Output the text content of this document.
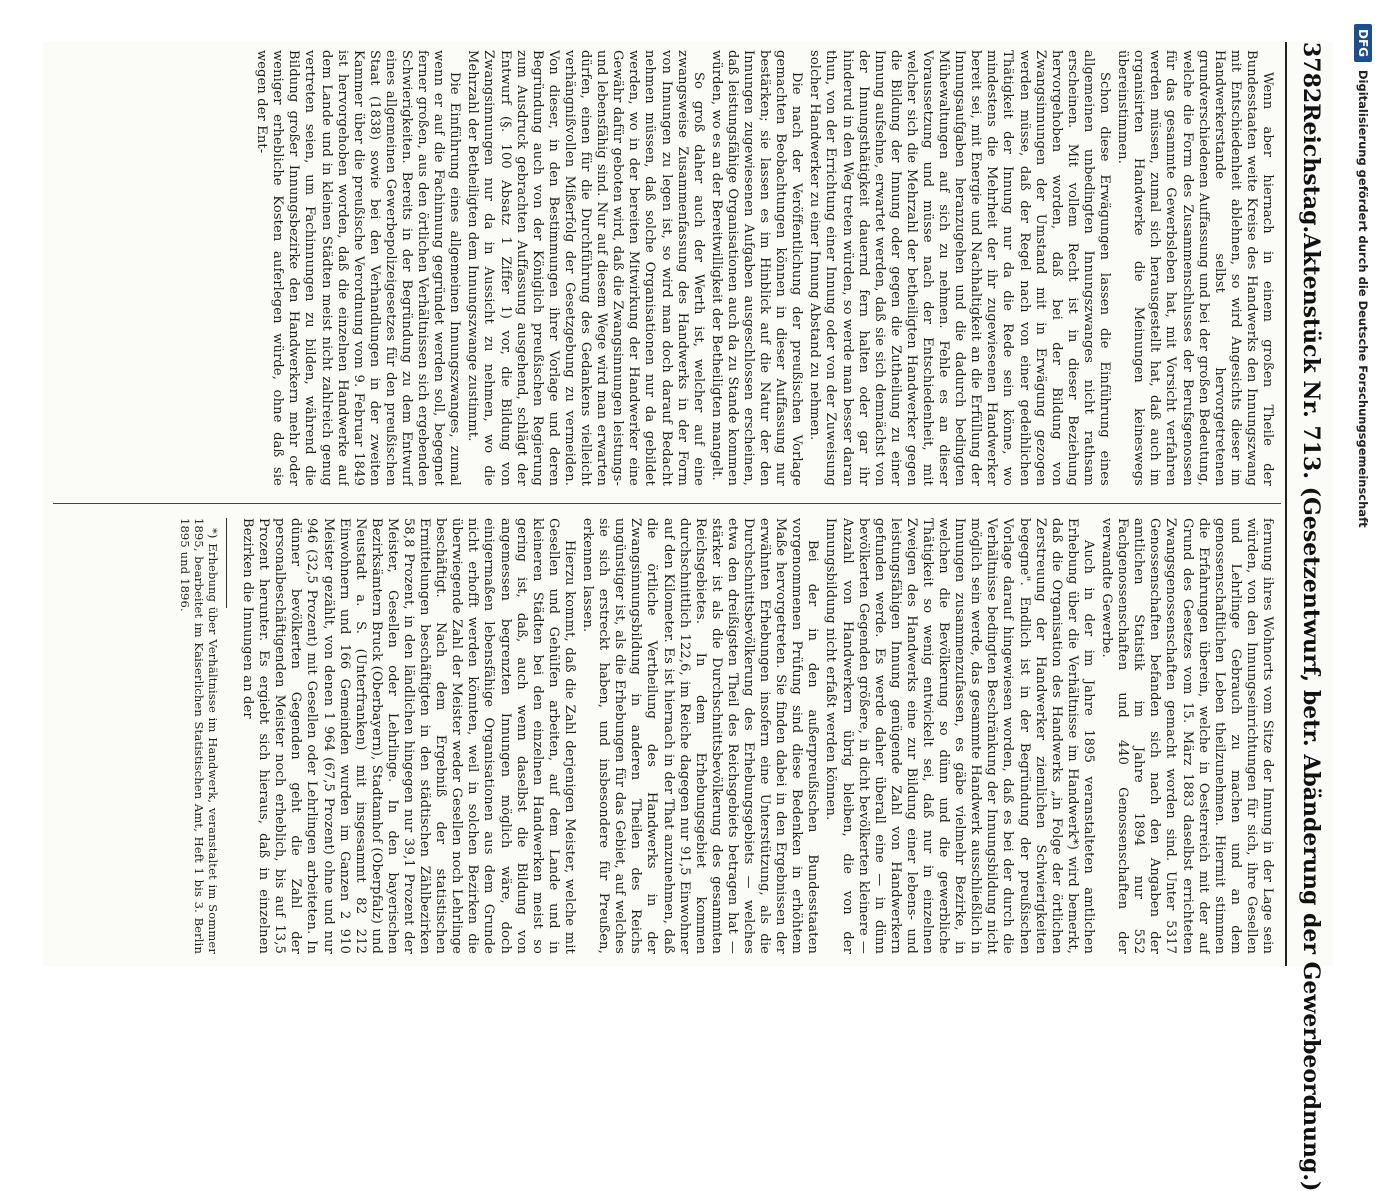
3782
Reichstag.
Aktenstück Nr. 713. (Gesetzentwurf, betr. Abänderung der Gewerbeordnung.)

Wenn aber hiernach in einem großen Theile der Bundesstaaten weite Kreise des Handwerks den Innungszwang mit Entschiedenheit ablehnen, so wird Angesichts dieser im Handwerkerstande selbst hervorgetretenen grundverschiedenen Auffassung und bei der großen Bedeutung, welche die Form des Zusammenschlusses der Berufsgenossen für das gesammte Gewerbsleben hat, mit Vorsicht verfahren werden müssen, zumal sich herausgestellt hat, daß auch im organisirten Handwerke die Meinungen keineswegs übereinstimmen.

Schon diese Erwägungen lassen die Einführung eines allgemeinen unbedingten Innungszwanges nicht rathsam erscheinen. Mit vollem Recht ist in dieser Beziehung hervorgehoben worden, daß bei der Bildung von Zwangsinnungen der Umstand mit in Erwägung gezogen werden müsse, daß der Regel nach von einer gedeihlichen Thätigkeit der Innung nur da die Rede sein könne, wo mindestens die Mehrheit der ihr zugewiesenen Handwerker bereit sei, mit Energie und Nachhaltigkeit an die Erfüllung der Innungsaufgaben heranzugehen und die dadurch bedingten Mühewaltungen auf sich zu nehmen. Fehle es an dieser Voraussetzung und müsse nach der Entschiedenheit, mit welcher sich die Mehrzahl der betheiligten Handwerker gegen die Bildung der Innung oder gegen die Zutheilung zu einer Innung aufsehne, erwartet werden, daß sie sich demnächst von der Innungsthätigkeit dauernd fern halten oder gar ihr hinderud in den Weg treten würden, so werde man besser daran thun, von der Errichtung einer Innung oder von der Zuweisung solcher Handwerker zu einer Innung Abstand zu nehmen.

Die nach der Veröffentlichung der preußischen Vorlage gemachten Beobachtungen können in dieser Auffassung nur bestärken; sie lassen es im Hinblick auf die Natur der den Innungen zugewiesenen Aufgaben ausgeschlossen erscheinen, daß leistungsfähige Organisationen auch da zu Stande kommen würden, wo es an der Bereitwilligkeit der Betheiligten mangelt.

So groß daher auch der Werth ist, welcher auf eine zwangsweise Zusammenfassung des Handwerks in der Form von Innungen zu legen ist, so wird man doch darauf Bedacht nehmen müssen, daß solche Organisationen nur da gebildet werden, wo in der bereiten Mitwirkung der Handwerker eine Gewähr dafür geboten wird, daß die Zwangsinnungen leistungs- und lebensfähig sind. Nur auf diesem Wege wird man erwarten dürfen, einen für die Durchführung des Gedankens vielleicht verhängnißvollen Mißerfolg der Gesetzgebung zu vermeiden. Von dieser, in den Bestimmungen ihrer Vorlage und deren Begründung auch von der Königlich preußischen Regierung zum Ausdruck gebrachten Auffassung ausgehend, schlägt der Entwurf (§. 100 Absatz 1 Ziffer 1) vor, die Bildung von Zwangsinnungen nur da in Aussicht zu nehmen, wo die Mehrzahl der Betheiligten dem Innungszwange zustimmt.

Die Einführung eines allgemeinen Innungszwanges, zumal wenn er auf die Fachinnung gegründet werden soll, begegnet ferner großen, aus den örtlichen Verhältnissen sich ergebenden Schwierigkeiten. Bereits in der Begründung zu dem Entwurf eines allgemeinen Gewerbepolizeigesetzes für den preußischen Staat (1838) sowie bei den Verhandlungen in der zweiten Kammer über die preußische Verordnung vom 9. Februar 1849 ist hervorgehoben worden, daß die einzelnen Handwerke auf dem Lande und in kleinen Städten meist nicht zahlreich genug vertreten seien, um Fachinnungen zu bilden, während die Bildung großer Innungsbezirke den Handwerkern mehr oder weniger erhebliche Kosten auferlegen würde, ohne daß sie wegen der Ent-

fernung ihres Wohnorts vom Sitze der Innung in der Lage sein würden, von den Innungseinrichtungen für sich, ihre Gesellen und Lehrlinge Gebrauch zu machen und an dem genossenschaftlichen Leben theilzunehmen. Hiermit stimmen die Erfahrungen überein, welche in Oesterreich mit der auf Grund des Gesetzes vom 15. März 1883 daselbst errichteten Zwangsgenossenschaften gemacht worden sind. Unter 5317 Genossenschaften befanden sich nach den Angaben der amtlichen Statistik im Jahre 1894 nur 552 Fachgenossenschaften und 440 Genossenschaften der verwandte Gewerbe.

Auch in der im Jahre 1895 veranstalteten amtlichen Erhebung über die Verhältnisse im Handwerk*) wird bemerkt, daß die Organisation des Handwerks „in Folge der örtlichen Zerstreuung der Handwerker ziemlichen Schwierigkeiten begegne". Endlich ist in der Begründung der preußischen Vorlage darauf hingewiesen worden, daß es bei der durch die Verhältnisse bedingten Beschränkung der Innungsbildung nicht möglich sein werde, das gesammte Handwerk ausschließlich in Innungen zusammenzufassen, es gäbe vielmehr Bezirke, in welchen die Bevölkerung so dünn und die gewerbliche Thätigkeit so wenig entwickelt sei, daß nur in einzelnen Zweigen des Handwerks eine zur Bildung einer lebens- und leistungsfähigen Innung genügende Zahl von Handwerkern gefunden werde. Es werde daher überall eine — in dünn bevölkerten Gegenden größere, in dicht bevölkerten kleinere — Anzahl von Handwerkern übrig bleiben, die von der Innungsbildung nicht erfaßt werden können.

Bei der in den außerpreußischen Bundesstaaten vorgenommenen Prüfung sind diese Bedenken in erhöhtem Maße hervorgetreten. Sie finden dabei in den Ergebnissen der erwähnten Erhebungen insofern eine Unterstützung, als die Durchschnittsbevölkerung des Erhebungsgebiets — welches etwa den dreißigsten Theil des Reichsgebiets betragen hat — stärker ist als die Durchschnittsbevölkerung des gesammten Reichsgebietes. In dem Erhebungsgebiet kommen durchschnittlich 122,6, im Reiche dagegen nur 91,5 Einwohner auf den Kilometer. Es ist hiernach in der That anzunehmen, daß die örtliche Vertheilung des Handwerks in der Zwangsinnungsbildung in anderen Theilen des Reichs ungünstiger ist, als die Erhebungen für das Gebiet, auf welches sie sich erstreckt haben, und insbesondere für Preußen, erkennen lassen.

Hierzu kommt, daß die Zahl derjenigen Meister, welche mit Gesellen und Gehülfen arbeiten, auf dem Lande und in kleineren Städten bei den einzelnen Handwerken meist so gering ist, daß, auch wenn daselbst die Bildung von angemessen begrenzten Innungen möglich wäre, doch einigermaßen lebensfähige Organisationen aus dem Grunde nicht erhofft werden könnten, weil in solchen Bezirken die überwiegende Zahl der Meister weder Gesellen noch Lehrlinge beschäftigt. Nach dem Ergebniß der statistischen Ermittelungen beschäftigten in den städtischen Zählbezirken 58,8 Prozent, in den ländlichen hingegen nur 39,1 Prozent der Meister, Gesellen oder Lehrlinge. In den bayerischen Bezirksämtern Bruck (Oberbayern), Stadtamhof (Oberpfalz) und Neustadt a. S. (Unterfranken) mit insgesammt 82 212 Einwohnern und 166 Gemeinden wurden im Ganzen 2 910 Meister gezählt, von denen 1 964 (67,5 Prozent) ohne und nur 946 (32,5 Prozent) mit Gesellen oder Lehrlingen arbeiteten. In dünner bevölkerten Gegenden geht die Zahl der personalbeschäftigenden Meister noch erheblich, bis auf 13,5 Prozent herunter. Es ergiebt sich hieraus, daß in einzelnen Bezirken die Innungen an der

*) Erhebung über Verhältnisse im Handwerk, veranstaltet im Sommer 1895, bearbeitet im Kaiserlichen Statistischen Amt, Heft 1 bis 3. Berlin 1895 und 1896.

DFG
Digitalisierung gefördert durch die Deutsche Forschungsgemeinschaft
